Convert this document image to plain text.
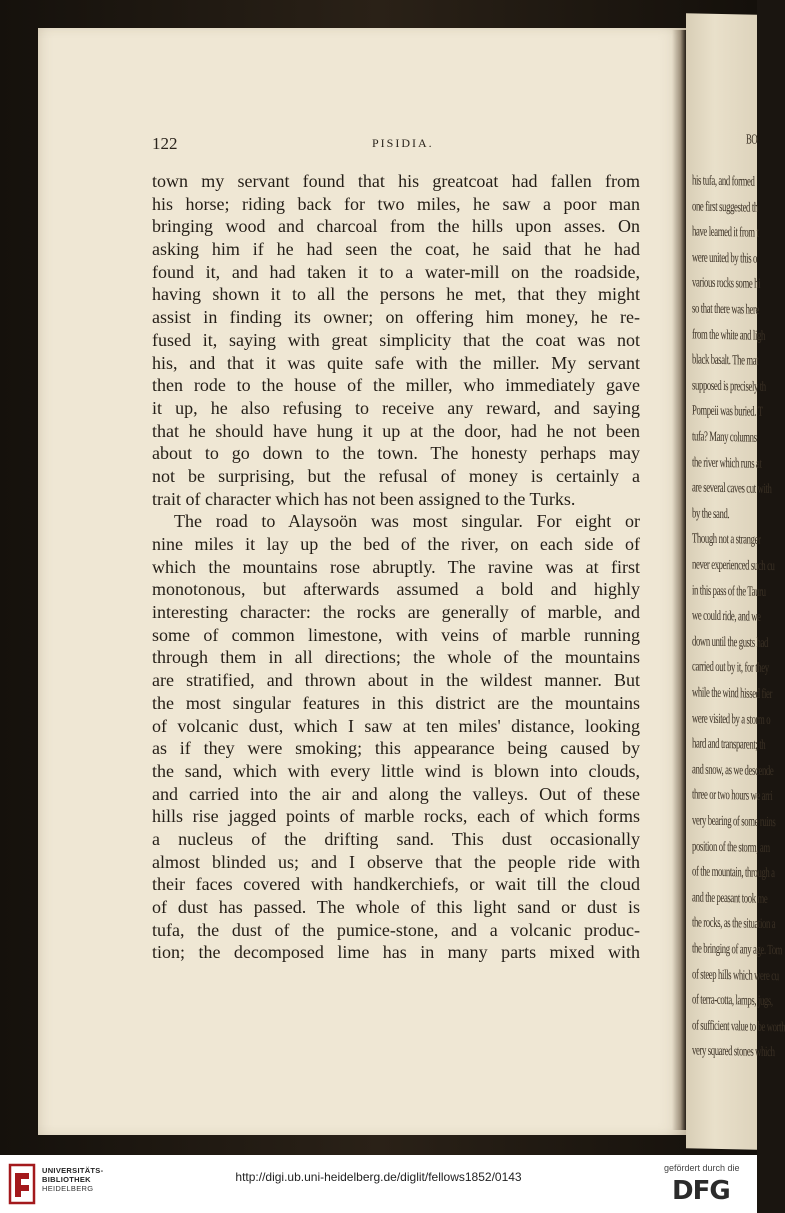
BO
his tufa, and formed
one first suggested th
have learned it from t
were united by this o
various rocks some hi
so that there was here
from the white and ligh
black basalt. The mat
supposed is precisely th
Pompeii was buried. T
tufa? Many columns
the river which runs at
are several caves cut with
by the sand.
Though not a stranger
never experienced such cu
in this pass of the Tauru
we could ride, and we
down until the gusts had
carried out by it, for they
while the wind hissed fier
were visited by a storm o
hard and transparent; th
and snow, as we descende
three or two hours we arri
very bearing of some ruins
position of the storm, am
of the mountain, through a
and the peasant took me
the rocks, as the situation a
the bringing of any age. Tom
of steep hills which were cu
of terra-cotta, lamps, jugs,
of sufficient value to be worth
very squared stones which
122	PISIDIA.
town my servant found that his greatcoat had fallen from
his horse; riding back for two miles, he saw a poor man
bringing wood and charcoal from the hills upon asses. On
asking him if he had seen the coat, he said that he had
found it, and had taken it to a water-mill on the roadside,
having shown it to all the persons he met, that they might
assist in finding its owner; on offering him money, he re-
fused it, saying with great simplicity that the coat was not
his, and that it was quite safe with the miller. My servant
then rode to the house of the miller, who immediately gave
it up, he also refusing to receive any reward, and saying
that he should have hung it up at the door, had he not been
about to go down to the town. The honesty perhaps may
not be surprising, but the refusal of money is certainly a
trait of character which has not been assigned to the Turks.
The road to Alaysoön was most singular. For eight or
nine miles it lay up the bed of the river, on each side of
which the mountains rose abruptly. The ravine was at first
monotonous, but afterwards assumed a bold and highly
interesting character: the rocks are generally of marble, and
some of common limestone, with veins of marble running
through them in all directions; the whole of the mountains
are stratified, and thrown about in the wildest manner. But
the most singular features in this district are the mountains
of volcanic dust, which I saw at ten miles' distance, looking
as if they were smoking; this appearance being caused by
the sand, which with every little wind is blown into clouds,
and carried into the air and along the valleys. Out of these
hills rise jagged points of marble rocks, each of which forms
a nucleus of the drifting sand. This dust occasionally
almost blinded us; and I observe that the people ride with
their faces covered with handkerchiefs, or wait till the cloud
of dust has passed. The whole of this light sand or dust is
tufa, the dust of the pumice-stone, and a volcanic produc-
tion; the decomposed lime has in many parts mixed with
UNIVERSITÄTS-
BIBLIOTHEK
HEIDELBERG
http://digi.ub.uni-heidelberg.de/diglit/fellows1852/0143
gefördert durch die
DFG
